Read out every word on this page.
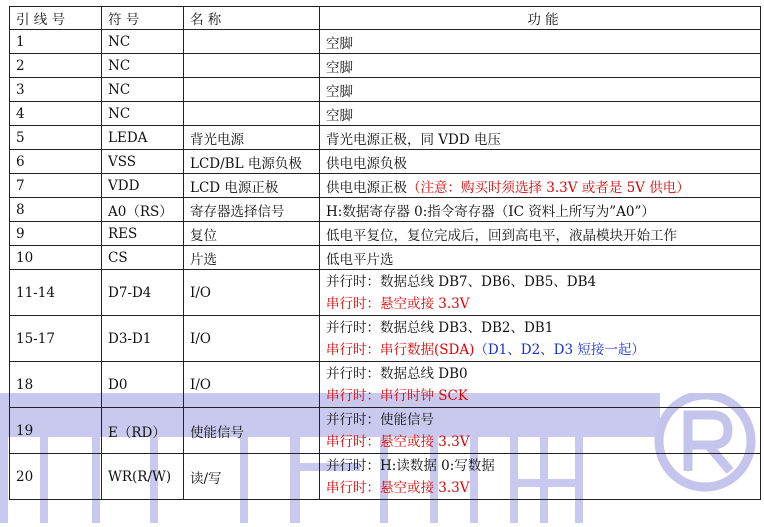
引 线 号	符 号	名 称	功 能
1	NC		空脚
2	NC		空脚
3	NC		空脚
4	NC		空脚
5	LEDA	背光电源	背光电源正极，同 VDD 电压
6	VSS	LCD/BL 电源负极	供电电源负极
7	VDD	LCD 电源正极	供电电源正极（注意：购买时须选择 3.3V 或者是 5V 供电）
8	A0（RS）	寄存器选择信号	H:数据寄存器 0:指令寄存器（IC 资料上所写为”A0”）
9	RES	复位	低电平复位，复位完成后，回到高电平，液晶模块开始工作
10	CS	片选	低电平片选
11-14	D7-D4	I/O	并行时：数据总线 DB7、DB6、DB5、DB4
串行时：悬空或接 3.3V

15-17	D3-D1	I/O	并行时：数据总线 DB3、DB2、DB1
串行时：串行数据(SDA)（D1、D2、D3 短接一起）

18	D0	I/O	并行时：数据总线 DB0
串行时：串行时钟 SCK

19	E（RD）	使能信号	并行时：使能信号
串行时：悬空或接 3.3V

20	WR(R/W)	读/写	并行时：H:读数据 0:写数据
串行时：悬空或接 3.3V
